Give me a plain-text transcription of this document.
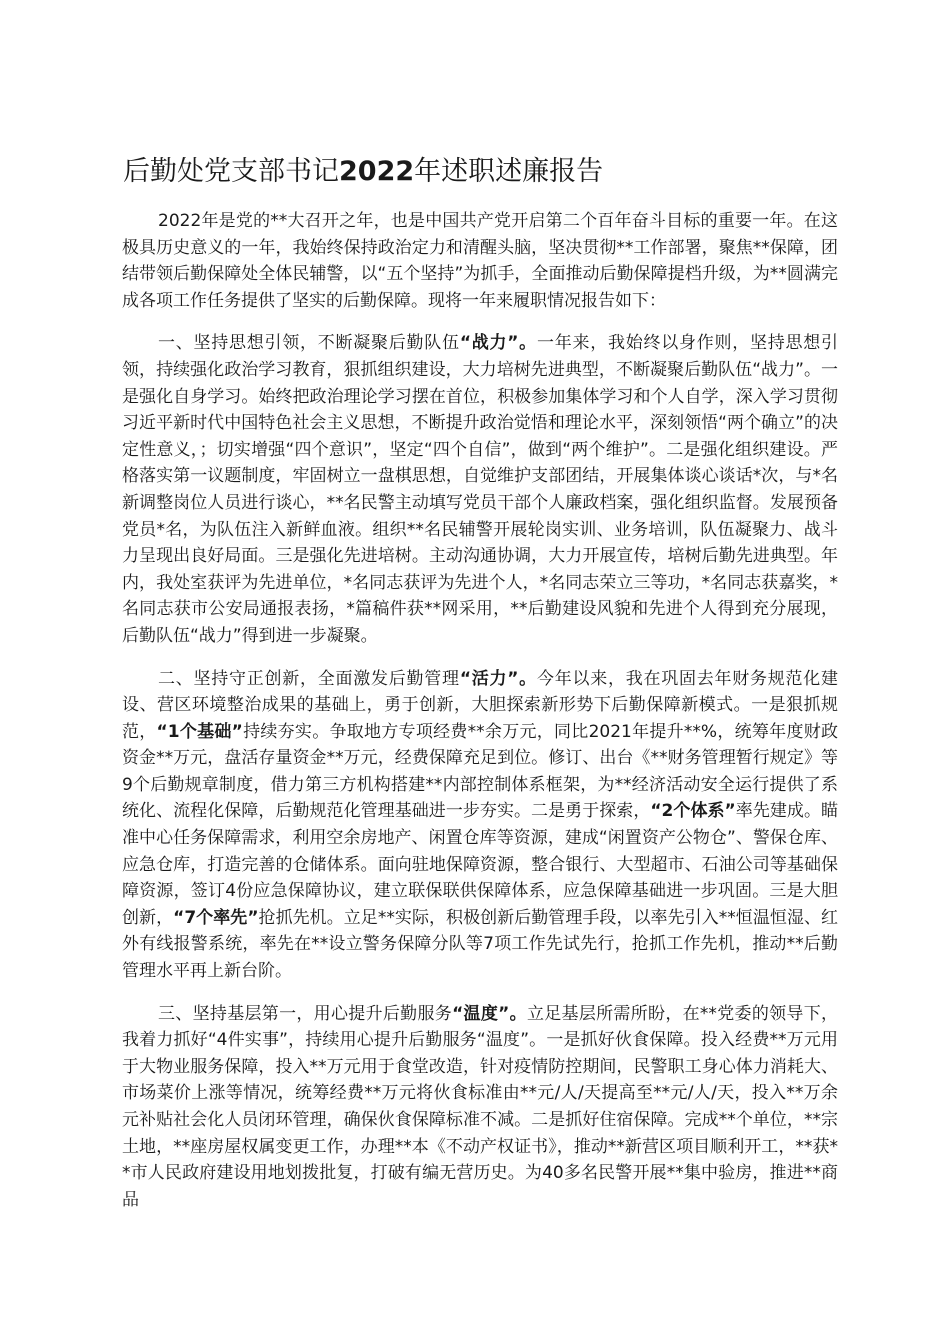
后勤处党支部书记2022年述职述廉报告

2022年是党的**大召开之年，也是中国共产党开启第二个百年奋斗目标的重要一年。在这极具历史意义的一年，我始终保持政治定力和清醒头脑，坚决贯彻**工作部署，聚焦**保障，团结带领后勤保障处全体民辅警，以“五个坚持”为抓手，全面推动后勤保障提档升级，为**圆满完成各项工作任务提供了坚实的后勤保障。现将一年来履职情况报告如下：

一、坚持思想引领，不断凝聚后勤队伍“战力”。一年来，我始终以身作则，坚持思想引领，持续强化政治学习教育，狠抓组织建设，大力培树先进典型，不断凝聚后勤队伍“战力”。一是强化自身学习。始终把政治理论学习摆在首位，积极参加集体学习和个人自学，深入学习贯彻习近平新时代中国特色社会主义思想，不断提升政治觉悟和理论水平，深刻领悟“两个确立”的决定性意义，；切实增强“四个意识”，坚定“四个自信”，做到“两个维护”。二是强化组织建设。严格落实第一议题制度，牢固树立一盘棋思想，自觉维护支部团结，开展集体谈心谈话*次，与*名新调整岗位人员进行谈心，**名民警主动填写党员干部个人廉政档案，强化组织监督。发展预备党员*名，为队伍注入新鲜血液。组织**名民辅警开展轮岗实训、业务培训，队伍凝聚力、战斗力呈现出良好局面。三是强化先进培树。主动沟通协调，大力开展宣传，培树后勤先进典型。年内，我处室获评为先进单位，*名同志获评为先进个人，*名同志荣立三等功，*名同志获嘉奖，*名同志获市公安局通报表扬，*篇稿件获**网采用，**后勤建设风貌和先进个人得到充分展现，后勤队伍“战力”得到进一步凝聚。

二、坚持守正创新，全面激发后勤管理“活力”。今年以来，我在巩固去年财务规范化建设、营区环境整治成果的基础上，勇于创新，大胆探索新形势下后勤保障新模式。一是狠抓规范，“1个基础”持续夯实。争取地方专项经费**余万元，同比2021年提升**%，统筹年度财政资金**万元，盘活存量资金**万元，经费保障充足到位。修订、出台《**财务管理暂行规定》等9个后勤规章制度，借力第三方机构搭建**内部控制体系框架，为**经济活动安全运行提供了系统化、流程化保障，后勤规范化管理基础进一步夯实。二是勇于探索，“2个体系”率先建成。瞄准中心任务保障需求，利用空余房地产、闲置仓库等资源，建成“闲置资产公物仓”、警保仓库、应急仓库，打造完善的仓储体系。面向驻地保障资源，整合银行、大型超市、石油公司等基础保障资源，签订4份应急保障协议，建立联保联供保障体系，应急保障基础进一步巩固。三是大胆创新，“7个率先”抢抓先机。立足**实际，积极创新后勤管理手段，以率先引入**恒温恒湿、红外有线报警系统，率先在**设立警务保障分队等7项工作先试先行，抢抓工作先机，推动**后勤管理水平再上新台阶。

三、坚持基层第一，用心提升后勤服务“温度”。立足基层所需所盼，在**党委的领导下，我着力抓好“4件实事”，持续用心提升后勤服务“温度”。一是抓好伙食保障。投入经费**万元用于大物业服务保障，投入**万元用于食堂改造，针对疫情防控期间，民警职工身心体力消耗大、市场菜价上涨等情况，统筹经费**万元将伙食标准由**元/人/天提高至**元/人/天，投入**万余元补贴社会化人员闭环管理，确保伙食保障标准不减。二是抓好住宿保障。完成**个单位，**宗土地，**座房屋权属变更工作，办理**本《不动产权证书》，推动**新营区项目顺利开工，**获**市人民政府建设用地划拨批复，打破有编无营历史。为40多名民警开展**集中验房，推进**商品
